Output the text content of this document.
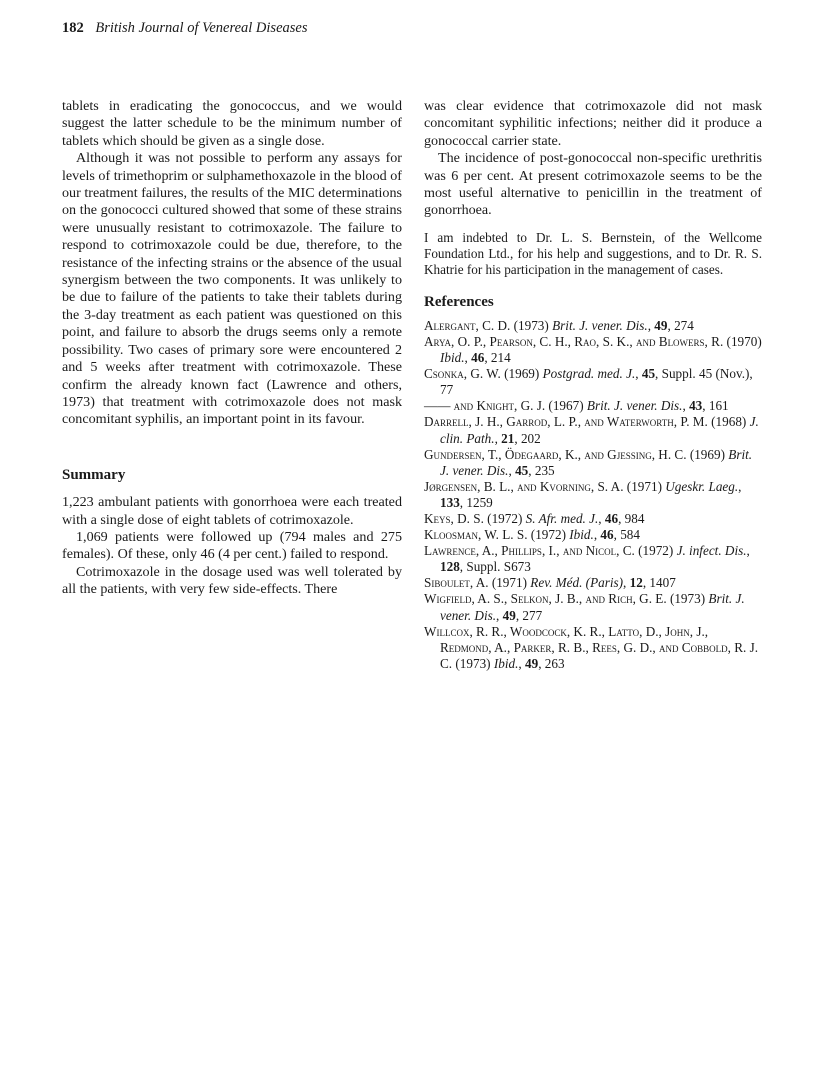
182 British Journal of Venereal Diseases

tablets in eradicating the gonococcus, and we would suggest the latter schedule to be the minimum number of tablets which should be given as a single dose.

Although it was not possible to perform any assays for levels of trimethoprim or sulphamethoxazole in the blood of our treatment failures, the results of the MIC determinations on the gonococci cultured showed that some of these strains were unusually resistant to cotrimoxazole. The failure to respond to cotrimoxazole could be due, therefore, to the resistance of the infecting strains or the absence of the usual synergism between the two components. It was unlikely to be due to failure of the patients to take their tablets during the 3-day treatment as each patient was questioned on this point, and failure to absorb the drugs seems only a remote possibility. Two cases of primary sore were encountered 2 and 5 weeks after treatment with cotrimoxazole. These confirm the already known fact (Lawrence and others, 1973) that treatment with cotrimoxazole does not mask concomitant syphilis, an important point in its favour.

Summary

1,223 ambulant patients with gonorrhoea were each treated with a single dose of eight tablets of cotrimoxazole.

1,069 patients were followed up (794 males and 275 females). Of these, only 46 (4 per cent.) failed to respond.

Cotrimoxazole in the dosage used was well tolerated by all the patients, with very few side-effects. There

was clear evidence that cotrimoxazole did not mask concomitant syphilitic infections; neither did it produce a gonococcal carrier state.

The incidence of post-gonococcal non-specific urethritis was 6 per cent. At present cotrimoxazole seems to be the most useful alternative to penicillin in the treatment of gonorrhoea.

I am indebted to Dr. L. S. Bernstein, of the Wellcome Foundation Ltd., for his help and suggestions, and to Dr. R. S. Khatrie for his participation in the management of cases.

References

Alergant, C. D. (1973) Brit. J. vener. Dis., 49, 274

Arya, O. P., Pearson, C. H., Rao, S. K., and Blowers, R. (1970) Ibid., 46, 214

Csonka, G. W. (1969) Postgrad. med. J., 45, Suppl. 45 (Nov.), 77

—— and Knight, G. J. (1967) Brit. J. vener. Dis., 43, 161

Darrell, J. H., Garrod, L. P., and Waterworth, P. M. (1968) J. clin. Path., 21, 202

Gundersen, T., Ödegaard, K., and Gjessing, H. C. (1969) Brit. J. vener. Dis., 45, 235

Jørgensen, B. L., and Kvorning, S. A. (1971) Ugeskr. Laeg., 133, 1259

Keys, D. S. (1972) S. Afr. med. J., 46, 984

Kloosman, W. L. S. (1972) Ibid., 46, 584

Lawrence, A., Phillips, I., and Nicol, C. (1972) J. infect. Dis., 128, Suppl. S673

Siboulet, A. (1971) Rev. Méd. (Paris), 12, 1407

Wigfield, A. S., Selkon, J. B., and Rich, G. E. (1973) Brit. J. vener. Dis., 49, 277

Willcox, R. R., Woodcock, K. R., Latto, D., John, J., Redmond, A., Parker, R. B., Rees, G. D., and Cobbold, R. J. C. (1973) Ibid., 49, 263
